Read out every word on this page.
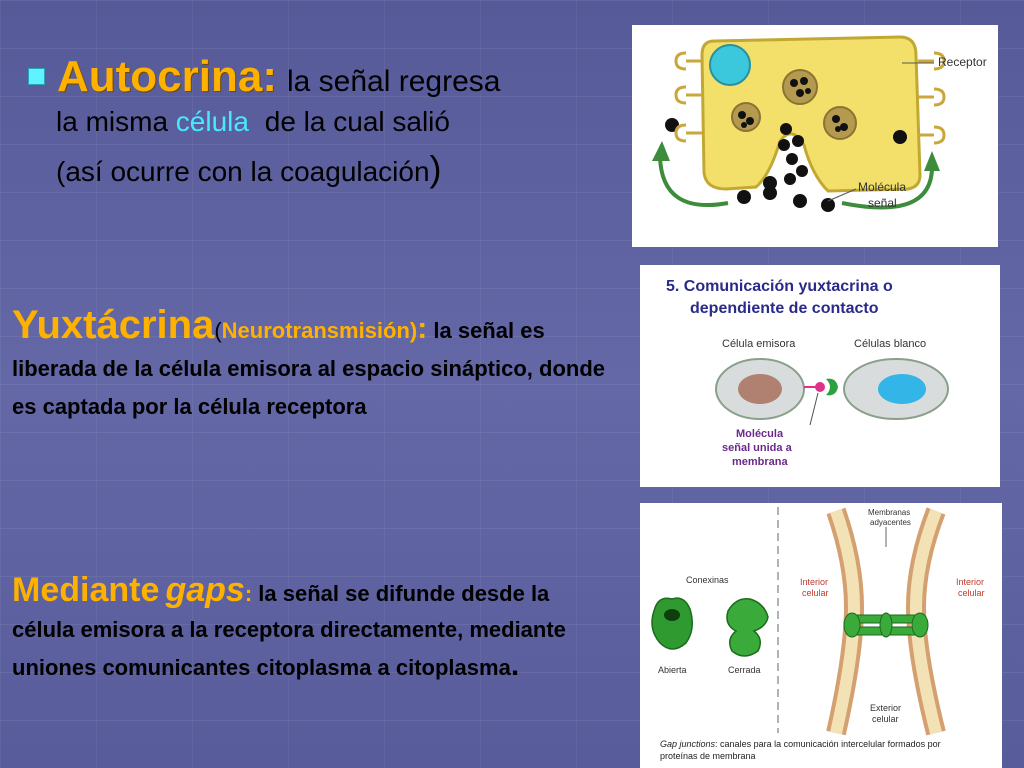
Autocrina: la señal regresa
la misma célula de la cual salió
(así ocurre con la coagulación)
Yuxtácrina(Neurotransmisión): la señal es liberada de la célula emisora al espacio sináptico, donde es captada por la célula receptora
Mediante gaps: la señal se difunde desde la célula emisora a la receptora directamente, mediante uniones comunicantes citoplasma a citoplasma.
Receptor
Molécula
señal
5. Comunicación yuxtacrina o
dependiente de contacto
Célula emisora	Células blanco
Molécula
señal unida a
membrana
Conexinas
Abierta	Cerrada
Membranas
adyacentes
Interior
celular
Interior
celular
Exterior
celular
Gap junctions: canales para la comunicación intercelular formados por
proteínas de membrana
